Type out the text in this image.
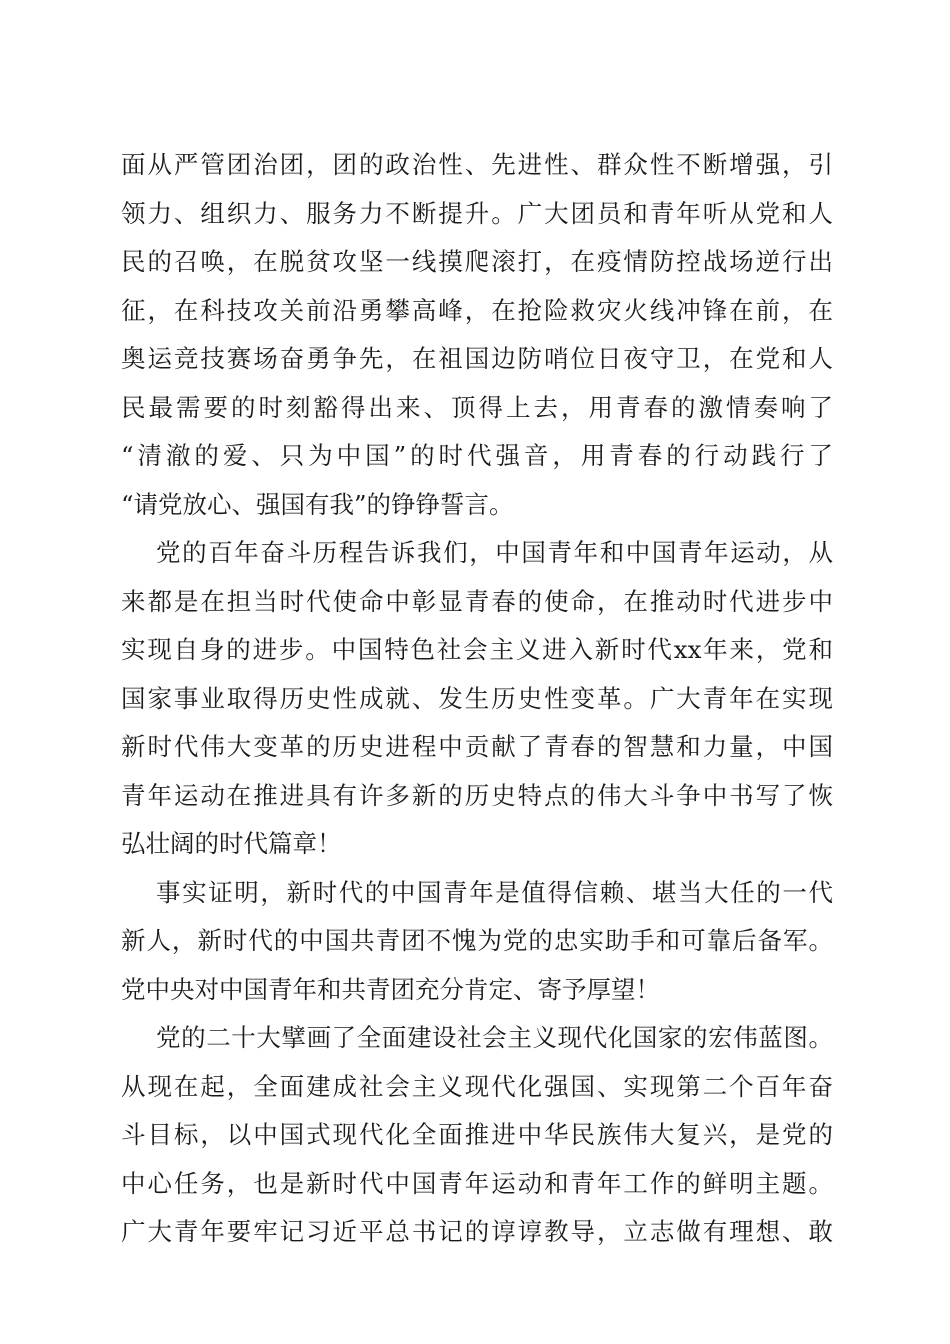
面从严管团治团，团的政治性、先进性、群众性不断增强，引
领力、组织力、服务力不断提升。广大团员和青年听从党和人
民的召唤，在脱贫攻坚一线摸爬滚打，在疫情防控战场逆行出
征，在科技攻关前沿勇攀高峰，在抢险救灾火线冲锋在前，在
奥运竞技赛场奋勇争先，在祖国边防哨位日夜守卫，在党和人
民最需要的时刻豁得出来、顶得上去，用青春的激情奏响了
“清澈的爱、只为中国”的时代强音，用青春的行动践行了
“请党放心、强国有我”的铮铮誓言。
党的百年奋斗历程告诉我们，中国青年和中国青年运动，从
来都是在担当时代使命中彰显青春的使命，在推动时代进步中
实现自身的进步。中国特色社会主义进入新时代xx年来，党和
国家事业取得历史性成就、发生历史性变革。广大青年在实现
新时代伟大变革的历史进程中贡献了青春的智慧和力量，中国
青年运动在推进具有许多新的历史特点的伟大斗争中书写了恢
弘壮阔的时代篇章！
事实证明，新时代的中国青年是值得信赖、堪当大任的一代
新人，新时代的中国共青团不愧为党的忠实助手和可靠后备军。
党中央对中国青年和共青团充分肯定、寄予厚望！
党的二十大擘画了全面建设社会主义现代化国家的宏伟蓝图。
从现在起，全面建成社会主义现代化强国、实现第二个百年奋
斗目标，以中国式现代化全面推进中华民族伟大复兴，是党的
中心任务，也是新时代中国青年运动和青年工作的鲜明主题。
广大青年要牢记习近平总书记的谆谆教导，立志做有理想、敢
